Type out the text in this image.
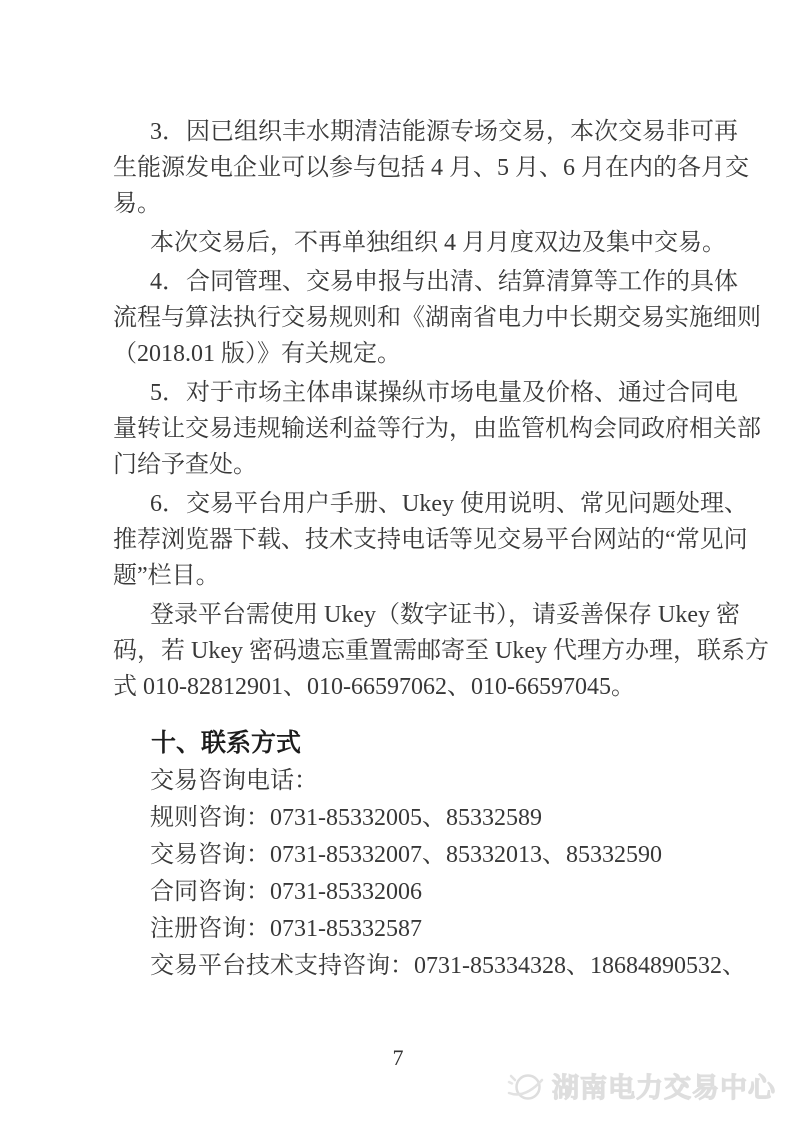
3．因已组织丰水期清洁能源专场交易，本次交易非可再
生能源发电企业可以参与包括 4 月、5 月、6 月在内的各月交
易。
本次交易后，不再单独组织 4 月月度双边及集中交易。
4．合同管理、交易申报与出清、结算清算等工作的具体
流程与算法执行交易规则和《湖南省电力中长期交易实施细则
（2018.01 版）》有关规定。
5．对于市场主体串谋操纵市场电量及价格、通过合同电
量转让交易违规输送利益等行为，由监管机构会同政府相关部
门给予查处。
6．交易平台用户手册、Ukey 使用说明、常见问题处理、
推荐浏览器下载、技术支持电话等见交易平台网站的“常见问
题”栏目。
登录平台需使用 Ukey（数字证书），请妥善保存 Ukey 密
码，若 Ukey 密码遗忘重置需邮寄至 Ukey 代理方办理，联系方
式 010-82812901、010-66597062、010-66597045。
十、联系方式
交易咨询电话：
规则咨询：0731-85332005、85332589
交易咨询：0731-85332007、85332013、85332590
合同咨询：0731-85332006
注册咨询：0731-85332587
交易平台技术支持咨询：0731-85334328、18684890532、
7
湖南电力交易中心
